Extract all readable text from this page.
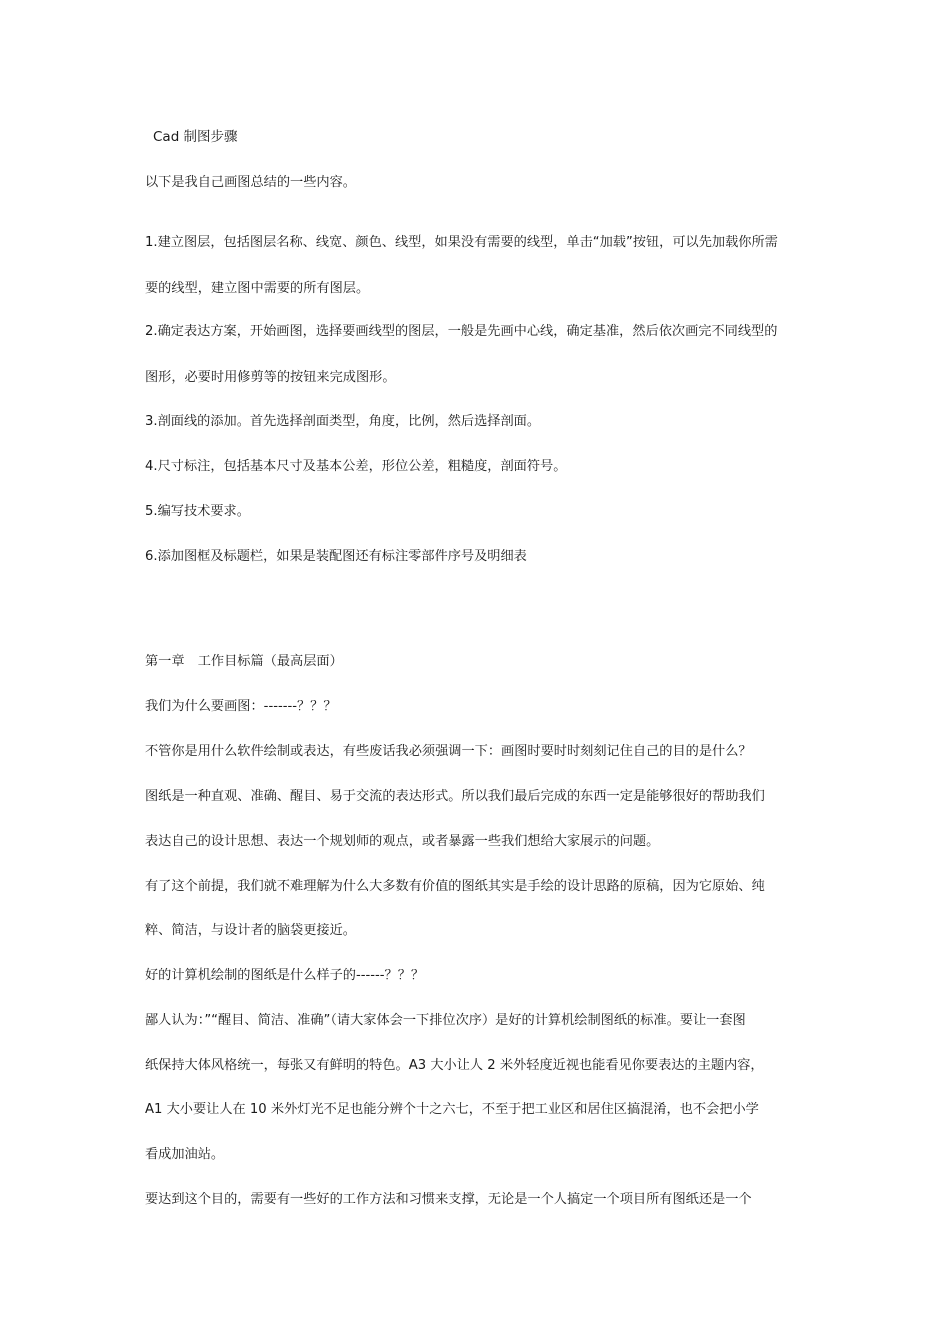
Cad 制图步骤
以下是我自己画图总结的一些内容。
1.建立图层，包括图层名称、线宽、颜色、线型，如果没有需要的线型，单击“加载”按钮，可以先加载你所需
要的线型，建立图中需要的所有图层。
2.确定表达方案，开始画图，选择要画线型的图层，一般是先画中心线，确定基准，然后依次画完不同线型的
图形，必要时用修剪等的按钮来完成图形。
3.剖面线的添加。首先选择剖面类型，角度，比例，然后选择剖面。
4.尺寸标注，包括基本尺寸及基本公差，形位公差，粗糙度，剖面符号。
5.编写技术要求。
6.添加图框及标题栏，如果是装配图还有标注零部件序号及明细表
第一章　工作目标篇（最高层面）
我们为什么要画图：-------？？？
不管你是用什么软件绘制或表达，有些废话我必须强调一下：画图时要时时刻刻记住自己的目的是什么？
图纸是一种直观、准确、醒目、易于交流的表达形式。所以我们最后完成的东西一定是能够很好的帮助我们
表达自己的设计思想、表达一个规划师的观点，或者暴露一些我们想给大家展示的问题。
有了这个前提，我们就不难理解为什么大多数有价值的图纸其实是手绘的设计思路的原稿，因为它原始、纯
粹、简洁，与设计者的脑袋更接近。
好的计算机绘制的图纸是什么样子的------？？？
鄙人认为：”“醒目、简洁、准确”（请大家体会一下排位次序）是好的计算机绘制图纸的标准。要让一套图
纸保持大体风格统一，每张又有鲜明的特色。A3 大小让人 2 米外轻度近视也能看见你要表达的主题内容，
A1 大小要让人在 10 米外灯光不足也能分辨个十之六七，不至于把工业区和居住区搞混淆，也不会把小学
看成加油站。
要达到这个目的，需要有一些好的工作方法和习惯来支撑，无论是一个人搞定一个项目所有图纸还是一个
